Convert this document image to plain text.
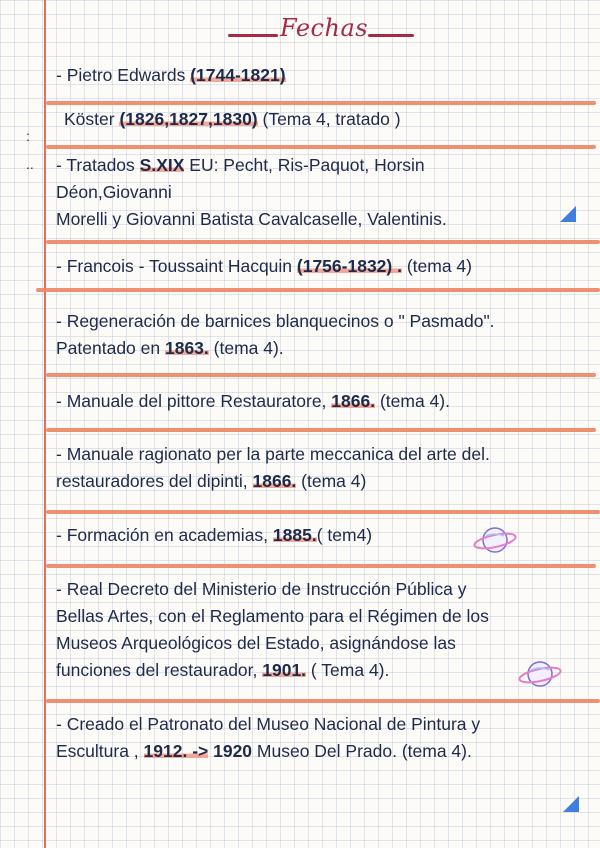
Fechas
:
..

- Pietro Edwards (1744-1821)

Köster (1826,1827,1830) (Tema 4, tratado )

- Tratados S.XIX EU: Pecht, Ris-Paquot, Horsin

Déon,Giovanni

Morelli y Giovanni Batista Cavalcaselle, Valentinis.

- Francois - Toussaint Hacquin (1756-1832) . (tema 4)

- Regeneración de barnices blanquecinos o " Pasmado".

Patentado en 1863. (tema 4).

- Manuale del pittore Restauratore, 1866. (tema 4).

- Manuale ragionato per la parte meccanica del arte del.

restauradores del dipinti, 1866. (tema 4)

- Formación en academias, 1885.( tem4)

- Real Decreto del Ministerio de Instrucción Pública y

Bellas Artes, con el Reglamento para el Régimen de los

Museos Arqueológicos del Estado, asignándose las

funciones del restaurador, 1901. ( Tema 4).

- Creado el Patronato del Museo Nacional de Pintura y

Escultura , 1912. -> 1920 Museo Del Prado. (tema 4).
